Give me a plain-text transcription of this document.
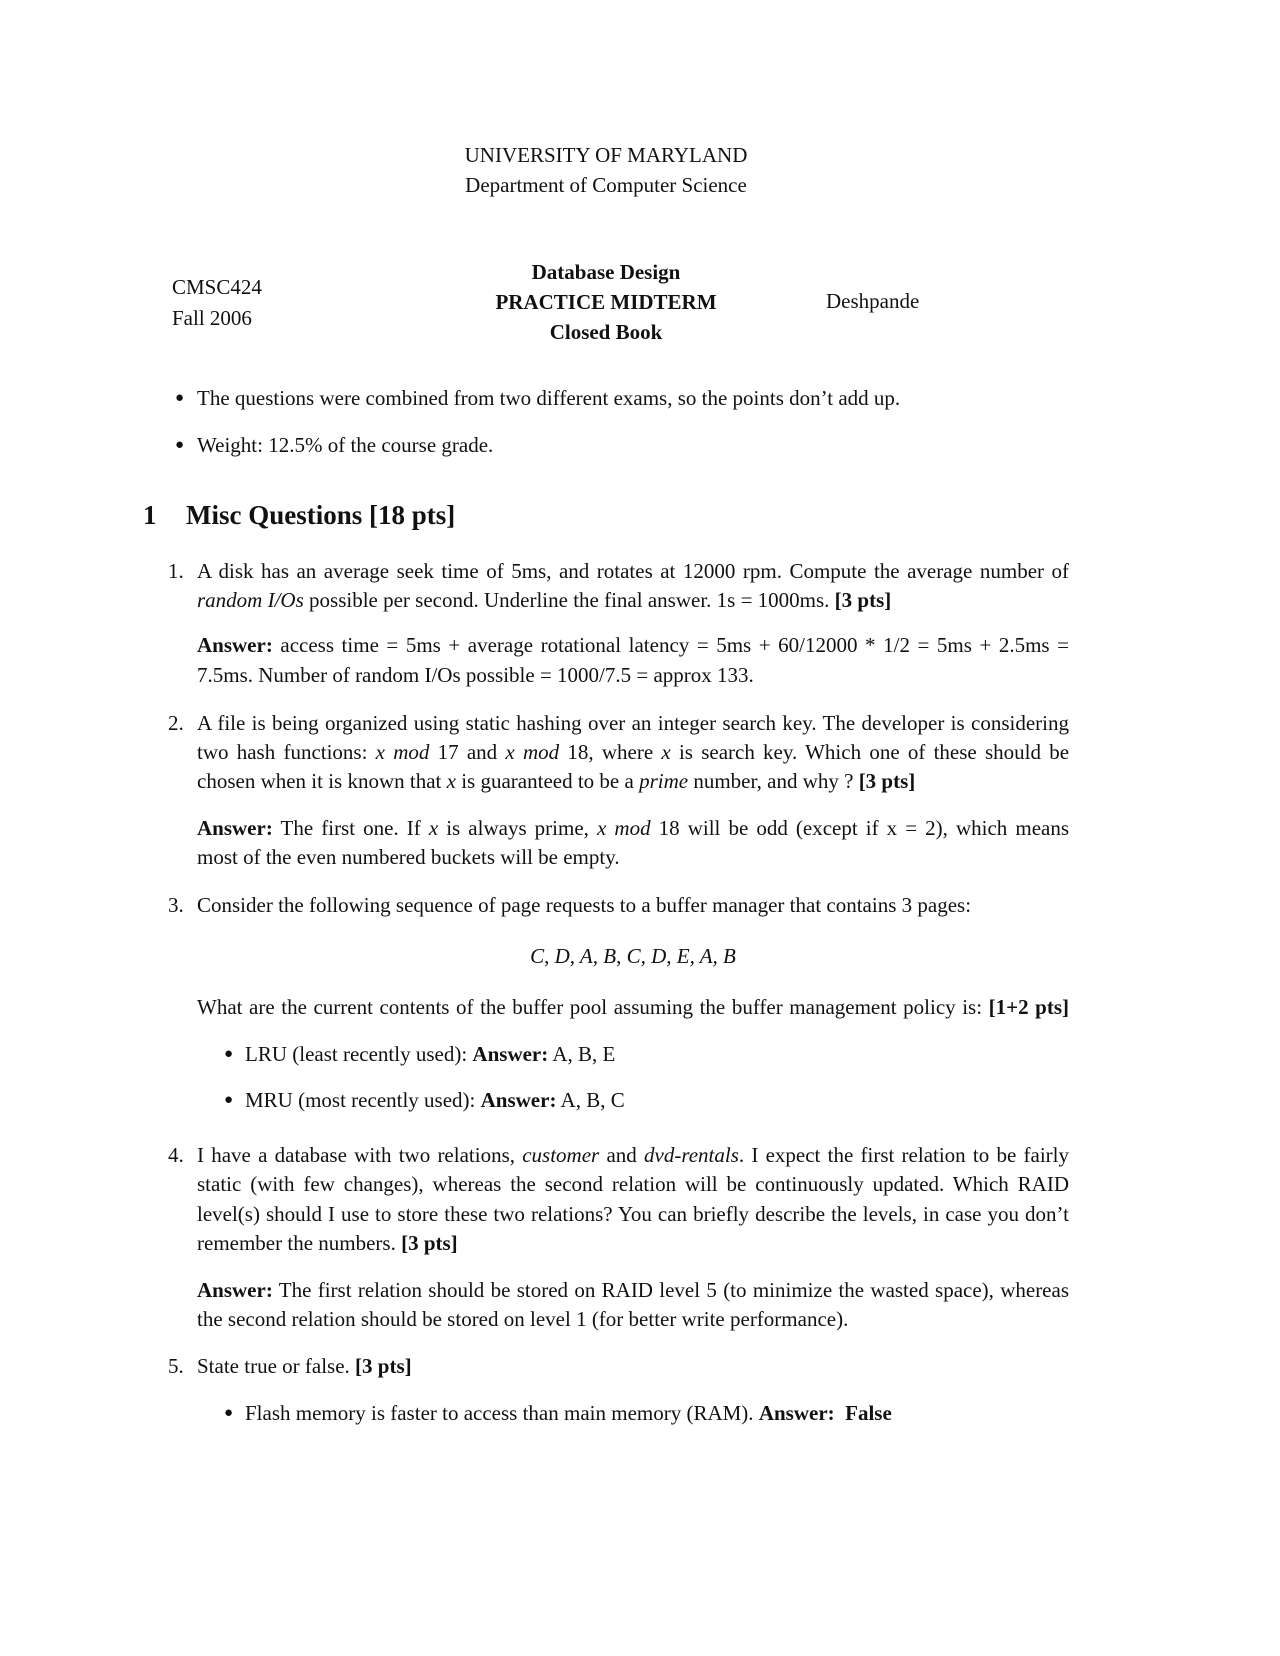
UNIVERSITY OF MARYLAND
Department of Computer Science
CMSC424
Fall 2006
Database Design
PRACTICE MIDTERM
Closed Book
Deshpande
● The questions were combined from two different exams, so the points don’t add up.
● Weight: 12.5% of the course grade.
1 Misc Questions [18 pts]
1. A disk has an average seek time of 5ms, and rotates at 12000 rpm. Compute the average number of
random I/Os possible per second. Underline the final answer. 1s = 1000ms. [3 pts]
Answer: access time = 5ms + average rotational latency = 5ms + 60/12000 * 1/2 = 5ms + 2.5ms =
7.5ms. Number of random I/Os possible = 1000/7.5 = approx 133.
2. A file is being organized using static hashing over an integer search key. The developer is considering
two hash functions: x mod 17 and x mod 18, where x is search key. Which one of these should be
chosen when it is known that x is guaranteed to be a prime number, and why ? [3 pts]
Answer: The first one. If x is always prime, x mod 18 will be odd (except if x = 2), which means
most of the even numbered buckets will be empty.
3. Consider the following sequence of page requests to a buffer manager that contains 3 pages:
C, D, A, B, C, D, E, A, B
What are the current contents of the buffer pool assuming the buffer management policy is: [1+2 pts]
● LRU (least recently used): Answer: A, B, E
● MRU (most recently used): Answer: A, B, C
4. I have a database with two relations, customer and dvd-rentals. I expect the first relation to be fairly
static (with few changes), whereas the second relation will be continuously updated. Which RAID
level(s) should I use to store these two relations? You can briefly describe the levels, in case you don’t
remember the numbers. [3 pts]
Answer: The first relation should be stored on RAID level 5 (to minimize the wasted space), whereas
the second relation should be stored on level 1 (for better write performance).
5. State true or false. [3 pts]
● Flash memory is faster to access than main memory (RAM). Answer: False
